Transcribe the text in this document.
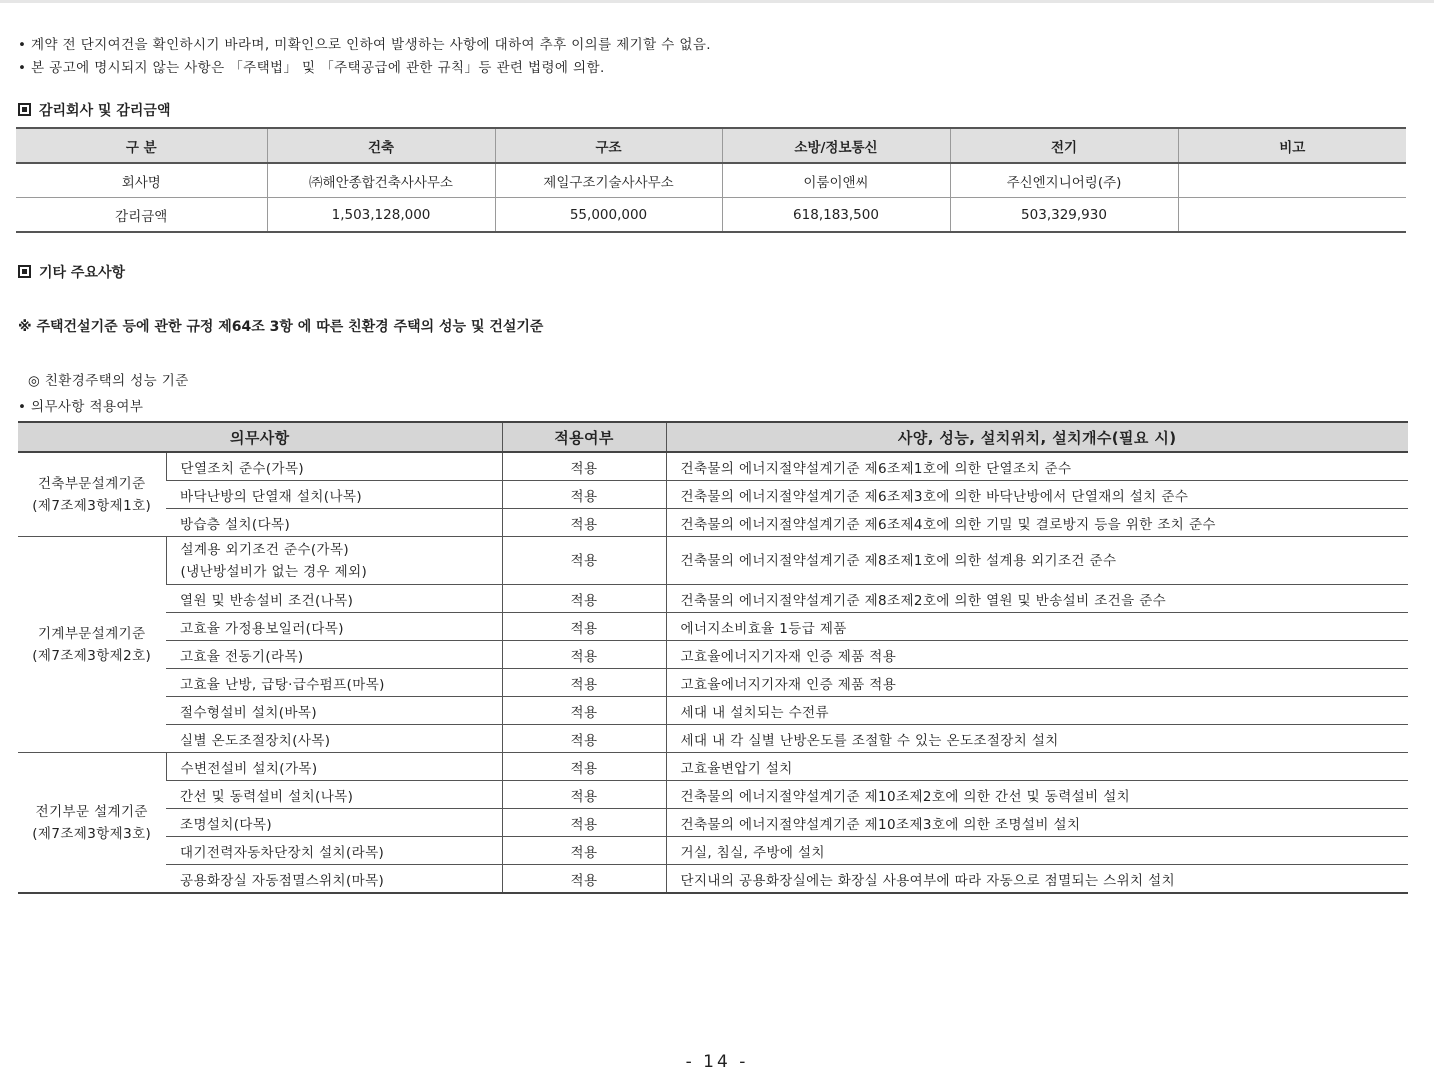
• 계약 전 단지여건을 확인하시기 바라며, 미확인으로 인하여 발생하는 사항에 대하여 추후 이의를 제기할 수 없음.
• 본 공고에 명시되지 않는 사항은 「주택법」 및 「주택공급에 관한 규칙」등 관련 법령에 의함.
감리회사 및 감리금액
구 분	건축	구조	소방/정보통신	전기	비고
회사명	㈜해안종합건축사사무소	제일구조기술사사무소	이룸이앤씨	주신엔지니어링(주)	
감리금액	1,503,128,000	55,000,000	618,183,500	503,329,930	
기타 주요사항
※ 주택건설기준 등에 관한 규정 제64조 3항 에 따른 친환경 주택의 성능 및 건설기준
◎ 친환경주택의 성능 기준
• 의무사항 적용여부
의무사항		적용여부	사양, 성능, 설치위치, 설치개수(필요 시)
건축부문설계기준
(제7조제3항제1호)	단열조치 준수(가목)	적용	건축물의 에너지절약설계기준 제6조제1호에 의한 단열조치 준수
	바닥난방의 단열재 설치(나목)	적용	건축물의 에너지절약설계기준 제6조제3호에 의한 바닥난방에서 단열재의 설치 준수
	방습층 설치(다목)	적용	건축물의 에너지절약설계기준 제6조제4호에 의한 기밀 및 결로방지 등을 위한 조치 준수
기계부문설계기준
(제7조제3항제2호)	설계용 외기조건 준수(가목)
(냉난방설비가 없는 경우 제외)	적용	건축물의 에너지절약설계기준 제8조제1호에 의한 설계용 외기조건 준수
	열원 및 반송설비 조건(나목)	적용	건축물의 에너지절약설계기준 제8조제2호에 의한 열원 및 반송설비 조건을 준수
	고효율 가정용보일러(다목)	적용	에너지소비효율 1등급 제품
	고효율 전동기(라목)	적용	고효율에너지기자재 인증 제품 적용
	고효율 난방, 급탕·급수펌프(마목)	적용	고효율에너지기자재 인증 제품 적용
	절수형설비 설치(바목)	적용	세대 내 설치되는 수전류
	실별 온도조절장치(사목)	적용	세대 내 각 실별 난방온도를 조절할 수 있는 온도조절장치 설치
전기부문 설계기준
(제7조제3항제3호)	수변전설비 설치(가목)	적용	고효율변압기 설치
	간선 및 동력설비 설치(나목)	적용	건축물의 에너지절약설계기준 제10조제2호에 의한 간선 및 동력설비 설치
	조명설치(다목)	적용	건축물의 에너지절약설계기준 제10조제3호에 의한 조명설비 설치
	대기전력자동차단장치 설치(라목)	적용	거실, 침실, 주방에 설치
	공용화장실 자동점멸스위치(마목)	적용	단지내의 공용화장실에는 화장실 사용여부에 따라 자동으로 점멸되는 스위치 설치
- 14 -
